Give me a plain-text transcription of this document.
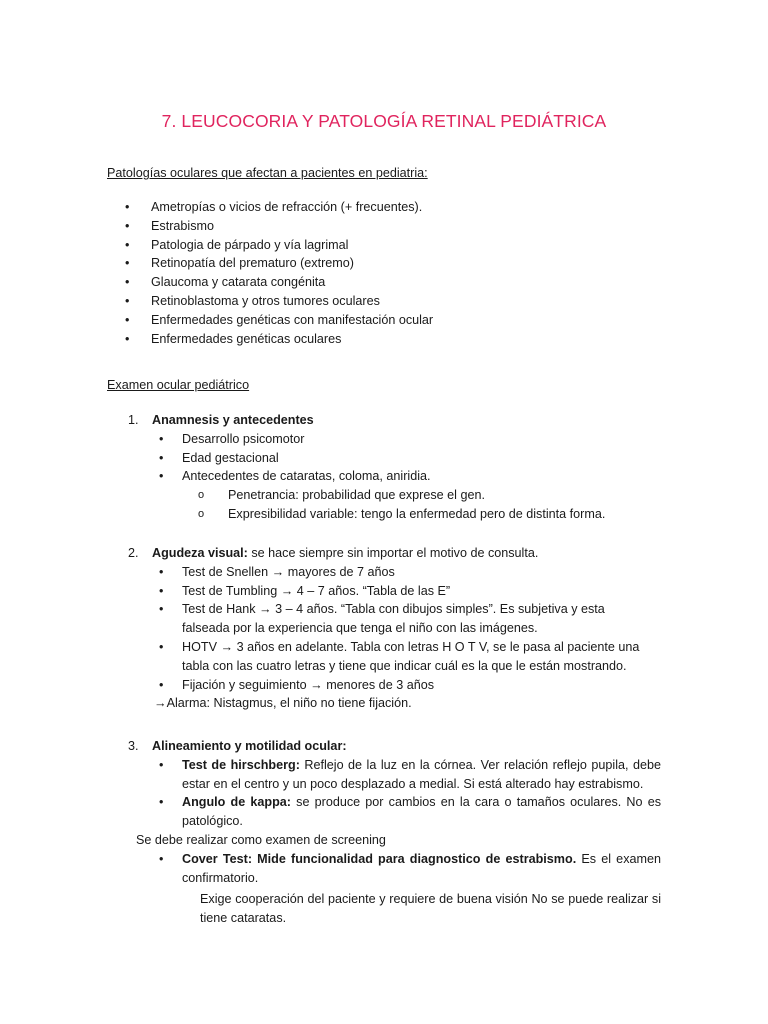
7. LEUCOCORIA Y PATOLOGÍA RETINAL PEDIÁTRICA
Patologías oculares que afectan a pacientes en pediatria:
• Ametropías o vicios de refracción (+ frecuentes).
• Estrabismo
• Patologia de párpado y vía lagrimal
• Retinopatía del prematuro (extremo)
• Glaucoma y catarata congénita
• Retinoblastoma y otros tumores oculares
• Enfermedades genéticas con manifestación ocular
• Enfermedades genéticas oculares
Examen ocular pediátrico
1.	Anamnesis y antecedentes
• Desarrollo psicomotor
• Edad gestacional
• Antecedentes de cataratas, coloma, aniridia.
o Penetrancia: probabilidad que exprese el gen.
o Expresibilidad variable: tengo la enfermedad pero de distinta forma.
2.	Agudeza visual: se hace siempre sin importar el motivo de consulta.
• Test de Snellen → mayores de 7 años
• Test de Tumbling → 4 – 7 años. “Tabla de las E”
• Test de Hank → 3 – 4 años. “Tabla con dibujos simples”. Es subjetiva y esta falseada por la experiencia que tenga el niño con las imágenes.
• HOTV → 3 años en adelante. Tabla con letras H O T V, se le pasa al paciente una tabla con las cuatro letras y tiene que indicar cuál es la que le están mostrando.
• Fijación y seguimiento → menores de 3 años
→Alarma: Nistagmus, el niño no tiene fijación.
3.	Alineamiento y motilidad ocular:
• Test de hirschberg: Reflejo de la luz en la córnea. Ver relación reflejo pupila, debe estar en el centro y un poco desplazado a medial. Si está alterado hay estrabismo.
• Angulo de kappa: se produce por cambios en la cara o tamaños oculares. No es patológico.
Se debe realizar como examen de screening
• Cover Test: Mide funcionalidad para diagnostico de estrabismo. Es el examen confirmatorio.
Exige cooperación del paciente y requiere de buena visión No se puede realizar si tiene cataratas.
